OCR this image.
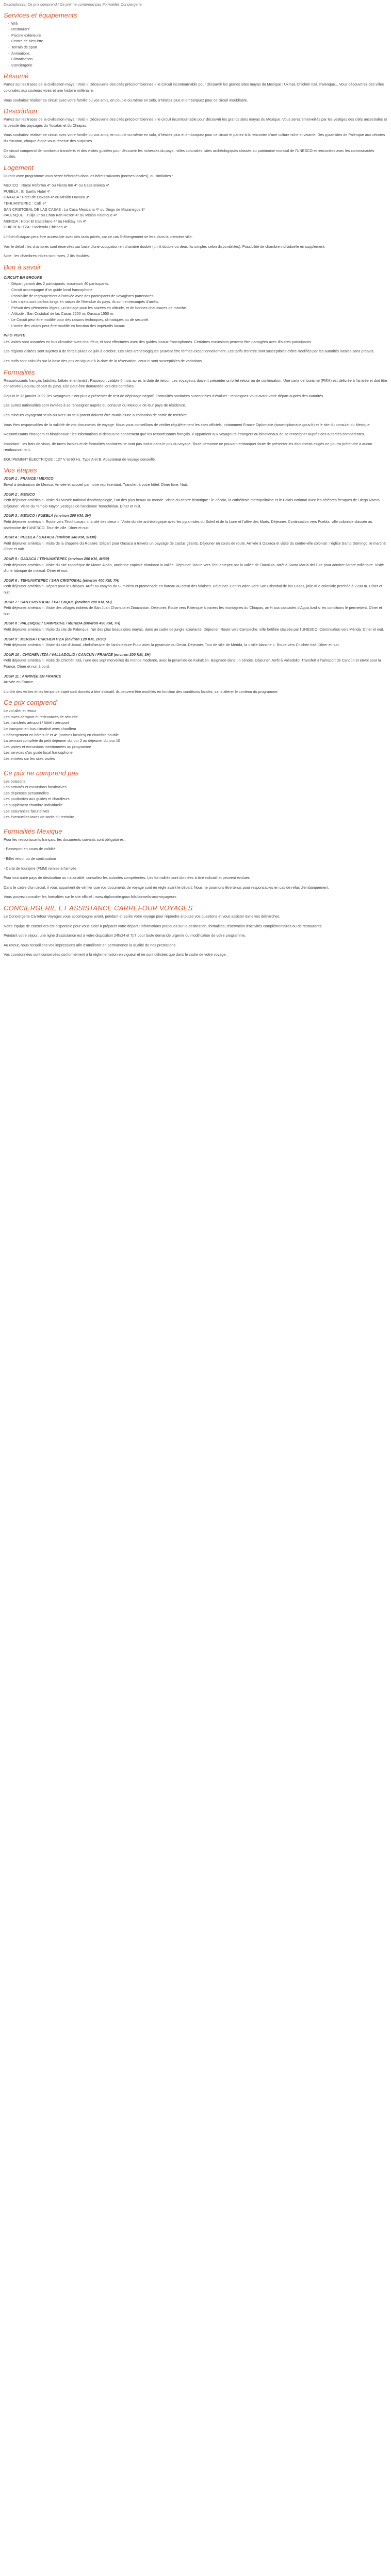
Description(s) Ce prix comprend / Ce prix ne comprend pas Formalités Conciergerie
Services et équipements
- Wifi
- Restaurant
- Piscine extérieure
- Centre de bien-être
- Terrain de sport
- Animations
- Climatisation
- Conciergerie
Résumé

Partez sur les traces de la civilisation maya ! Voici « Découverte des cités précolombiennes » le Circuit incontournable pour découvrir les grands sites mayas du Mexique : Uxmal, Chichén Itzá, Palenque... Vous découvrirez des villes coloniales aux couleurs vives et une histoire millénaire.

Vous souhaitez réaliser ce circuit avec votre famille ou vos amis, en couple ou même en solo, n'hésitez plus et embarquez pour ce circuit inoubliable.

Description

Partez sur les traces de la civilisation maya ! Voici « Découverte des cités précolombiennes » le circuit incontournable pour découvrir les grands sites mayas du Mexique. Vous serez émerveillés par les vestiges des cités ancestrales et la beauté des paysages du Yucatan et du Chiapas.

Vous souhaitez réaliser ce circuit avec votre famille ou vos amis, en couple ou même en solo, n'hésitez plus et embarquez pour ce circuit et partez à la rencontre d'une culture riche et vivante. Des pyramides de Palenque aux cénotes du Yucatan, chaque étape vous réserve des surprises.

Ce circuit comprend de nombreux transferts et des visites guidées pour découvrir les richesses du pays : villes coloniales, sites archéologiques classés au patrimoine mondial de l'UNESCO et rencontres avec les communautés locales.

Logement

Durant votre programme vous serez hébergés dans les hôtels suivants (normes locales), ou similaires :

MEXICO : Royal Reforma 4* ou Fiesta Inn 4* ou Casa Blanca 4*
PUEBLA : El Sueño Hotel 4*
OAXACA : Hotel de Oaxaca 4* ou Misión Oaxaca 3*
TEHUANTEPEC : Calli 3*
SAN CRISTOBAL DE LAS CASAS : La Casa Mexicana 4* ou Diego de Mazariegos 3*
PALENQUE : Tulija 3* ou Chan Kah Resort 4* ou Mision Palenque 4*
MERIDA : Hotel El Castellano 4* ou Holiday Inn 4*
CHICHEN ITZA : Hacienda Chichen 4*

L'hôtel d'Ixtapan peut être accessible avec des taxis privés, car ce cas l'hébergement se fera dans la première ville.

Voir le détail : les chambres sont réservées sur base d'une occupation en chambre double (un lit double ou deux lits simples selon disponibilités). Possibilité de chambre individuelle en supplément.

Note : les chambres triples sont rares, 2 lits doubles.

Bon à savoir
CIRCUIT EN GROUPE
- Départ garanti dès 2 participants, maximum 40 participants.
- Circuit accompagné d'un guide local francophone.
- Possibilité de regroupement à l'arrivée avec des participants de voyagistes partenaires.
- Les trajets sont parfois longs en raison de l'étendue du pays, ils sont entrecoupés d'arrêts.
- Prévoir des vêtements légers, un lainage pour les soirées en altitude, et de bonnes chaussures de marche.
- Altitude : San Cristobal de las Casas 2200 m, Oaxaca 1550 m.
- Le Circuit peut être modifié pour des raisons techniques, climatiques ou de sécurité.
- L'ordre des visites peut être modifié en fonction des impératifs locaux.
INFO VISITE

Les visites sont assurées en bus climatisé avec chauffeur, et sont effectuées avec des guides locaux francophones. Certaines excursions peuvent être partagées avec d'autres participants.

Les régions visitées sont sujettes à de fortes pluies de juin à octobre. Les sites archéologiques peuvent être fermés exceptionnellement. Les tarifs d'entrée sont susceptibles d'être modifiés par les autorités locales sans préavis.

Les tarifs sont calculés sur la base des prix en vigueur à la date de la réservation, ceux-ci sont susceptibles de variations.

Formalités

Ressortissants français (adultes, bébés et enfants) : Passeport valable 6 mois après la date de retour. Les voyageurs doivent présenter un billet retour ou de continuation. Une carte de tourisme (FMM) est délivrée à l'arrivée et doit être conservée jusqu'au départ du pays. Elle peut être demandée lors des contrôles.

Depuis le 12 janvier 2022, les voyageurs n'ont plus à présenter de test de dépistage négatif. Formalités sanitaires susceptibles d'évoluer : renseignez-vous avant votre départ auprès des autorités.

Les autres nationalités sont invitées à se renseigner auprès du consulat du Mexique de leur pays de résidence.

Les mineurs voyageant seuls ou avec un seul parent doivent être munis d'une autorisation de sortie de territoire.

Vous êtes responsables de la validité de vos documents de voyage. Nous vous conseillons de vérifier régulièrement les sites officiels, notamment France Diplomatie (www.diplomatie.gouv.fr) et le site du consulat du Mexique.

Ressortissants étrangers et binationaux : les informations ci-dessus ne concernent que les ressortissants français. Il appartient aux voyageurs étrangers ou binationaux de se renseigner auprès des autorités compétentes.

Important : les frais de visas, de taxes locales et de formalités sanitaires ne sont pas inclus dans le prix du voyage. Toute personne ne pouvant embarquer faute de présenter les documents exigés ne pourra prétendre à aucun remboursement.

ÉQUIPEMENT ÉLECTRIQUE : 127 V et 60 Hz. Type A et B. Adaptateur de voyage conseillé.

Vos étapes
JOUR 1 : FRANCE / MEXICO

Envol à destination de Mexico. Arrivée et accueil par notre représentant. Transfert à votre hôtel. Dîner libre. Nuit.

JOUR 2 : MEXICO

Petit déjeuner américain. Visite du Musée national d'anthropologie, l'un des plus beaux au monde. Visite du centre historique : le Zócalo, la cathédrale métropolitaine et le Palais national avec les célèbres fresques de Diego Rivera. Déjeuner. Visite du Templo Mayor, vestiges de l'ancienne Tenochtitlan. Dîner et nuit.

JOUR 3 : MEXICO / PUEBLA (environ 200 KM, 3H)

Petit déjeuner américain. Route vers Teotihuacan, « la cité des dieux ». Visite du site archéologique avec les pyramides du Soleil et de la Lune et l'allée des Morts. Déjeuner. Continuation vers Puebla, ville coloniale classée au patrimoine de l'UNESCO. Tour de ville. Dîner et nuit.

JOUR 4 : PUEBLA / OAXACA (environ 340 KM, 5H30)

Petit déjeuner américain. Visite de la chapelle du Rosaire. Départ pour Oaxaca à travers un paysage de cactus géants. Déjeuner en cours de route. Arrivée à Oaxaca et visite du centre-ville colonial : l'église Santo Domingo, le marché. Dîner et nuit.

JOUR 5 : OAXACA / TEHUANTEPEC (environ 250 KM, 4H30)

Petit déjeuner américain. Visite du site zapotèque de Monte Albán, ancienne capitale dominant la vallée. Déjeuner. Route vers Tehuantepec par la vallée de Tlacolula, arrêt à Santa María del Tule pour admirer l'arbre millénaire. Visite d'une fabrique de mezcal. Dîner et nuit.

JOUR 6 : TEHUANTEPEC / SAN CRISTOBAL (environ 400 KM, 7H)

Petit déjeuner américain. Départ pour le Chiapas. Arrêt au canyon du Sumidero et promenade en bateau au cœur des falaises. Déjeuner. Continuation vers San Cristobal de las Casas, jolie ville coloniale perchée à 2200 m. Dîner et nuit.

JOUR 7 : SAN CRISTOBAL / PALENQUE (environ 200 KM, 5H)

Petit déjeuner américain. Visite des villages indiens de San Juan Chamula et Zinacantan. Déjeuner. Route vers Palenque à travers les montagnes du Chiapas, arrêt aux cascades d'Agua Azul si les conditions le permettent. Dîner et nuit.

JOUR 8 : PALENQUE / CAMPECHE / MERIDA (environ 490 KM, 7H)

Petit déjeuner américain. Visite du site de Palenque, l'un des plus beaux sites mayas, dans un cadre de jungle luxuriante. Déjeuner. Route vers Campeche, ville fortifiée classée par l'UNESCO. Continuation vers Mérida. Dîner et nuit.

JOUR 9 : MERIDA / CHICHEN ITZA (environ 120 KM, 2H30)

Petit déjeuner américain. Visite du site d'Uxmal, chef-d'œuvre de l'architecture Puuc avec la pyramide du Devin. Déjeuner. Tour de ville de Mérida, la « ville blanche ». Route vers Chichén Itzá. Dîner et nuit.

JOUR 10 : CHICHEN ITZA / VALLADOLID / CANCUN / FRANCE (environ 200 KM, 3H)

Petit déjeuner américain. Visite de Chichén Itzá, l'une des sept merveilles du monde moderne, avec la pyramide de Kukulcán. Baignade dans un cénote. Déjeuner. Arrêt à Valladolid. Transfert à l'aéroport de Cancún et envol pour la France. Dîner et nuit à bord.

JOUR 11 : ARRIVÉE EN FRANCE

Arrivée en France.

L'ordre des visites et les temps de trajet sont donnés à titre indicatif, ils peuvent être modifiés en fonction des conditions locales, sans altérer le contenu du programme.

Ce prix comprend
Le vol aller et retour
Les taxes aéroport et redevances de sécurité
Les transferts aéroport / hôtel / aéroport
Le transport en bus climatisé avec chauffeur
L'hébergement en hôtels 3* et 4* (normes locales) en chambre double
La pension complète du petit déjeuner du jour 2 au déjeuner du jour 10
Les visites et excursions mentionnées au programme
Les services d'un guide local francophone
Les entrées sur les sites visités
Ce prix ne comprend pas
Les boissons
Les activités et excursions facultatives
Les dépenses personnelles
Les pourboires aux guides et chauffeurs
Le supplément chambre individuelle
Les assurances facultatives
Les éventuelles taxes de sortie du territoire
Formalités Mexique

Pour les ressortissants français, les documents suivants sont obligatoires :

- Passeport en cours de validité

- Billet retour ou de continuation

- Carte de tourisme (FMM) remise à l'arrivée

Pour tout autre pays de destination ou nationalité, consultez les autorités compétentes. Les formalités sont données à titre indicatif et peuvent évoluer.

Dans le cadre d'un circuit, il vous appartient de vérifier que vos documents de voyage sont en règle avant le départ. Nous ne pourrions être tenus pour responsables en cas de refus d'embarquement.

Vous pouvez consulter les formalités sur le site officiel : www.diplomatie.gouv.fr/fr/conseils-aux-voyageurs

CONCIERGERIE ET ASSISTANCE CARREFOUR VOYAGES

Le Conciergerie Carrefour Voyages vous accompagne avant, pendant et après votre voyage pour répondre à toutes vos questions et vous assister dans vos démarches.

Notre équipe de conseillers est disponible pour vous aider à préparer votre départ : informations pratiques sur la destination, formalités, réservation d'activités complémentaires ou de restaurants.

Pendant votre séjour, une ligne d'assistance est à votre disposition 24h/24 et 7j/7 pour toute demande urgente ou modification de votre programme.

Au retour, nous recueillons vos impressions afin d'améliorer en permanence la qualité de nos prestations.

Vos coordonnées sont conservées conformément à la réglementation en vigueur et ne sont utilisées que dans le cadre de votre voyage.
